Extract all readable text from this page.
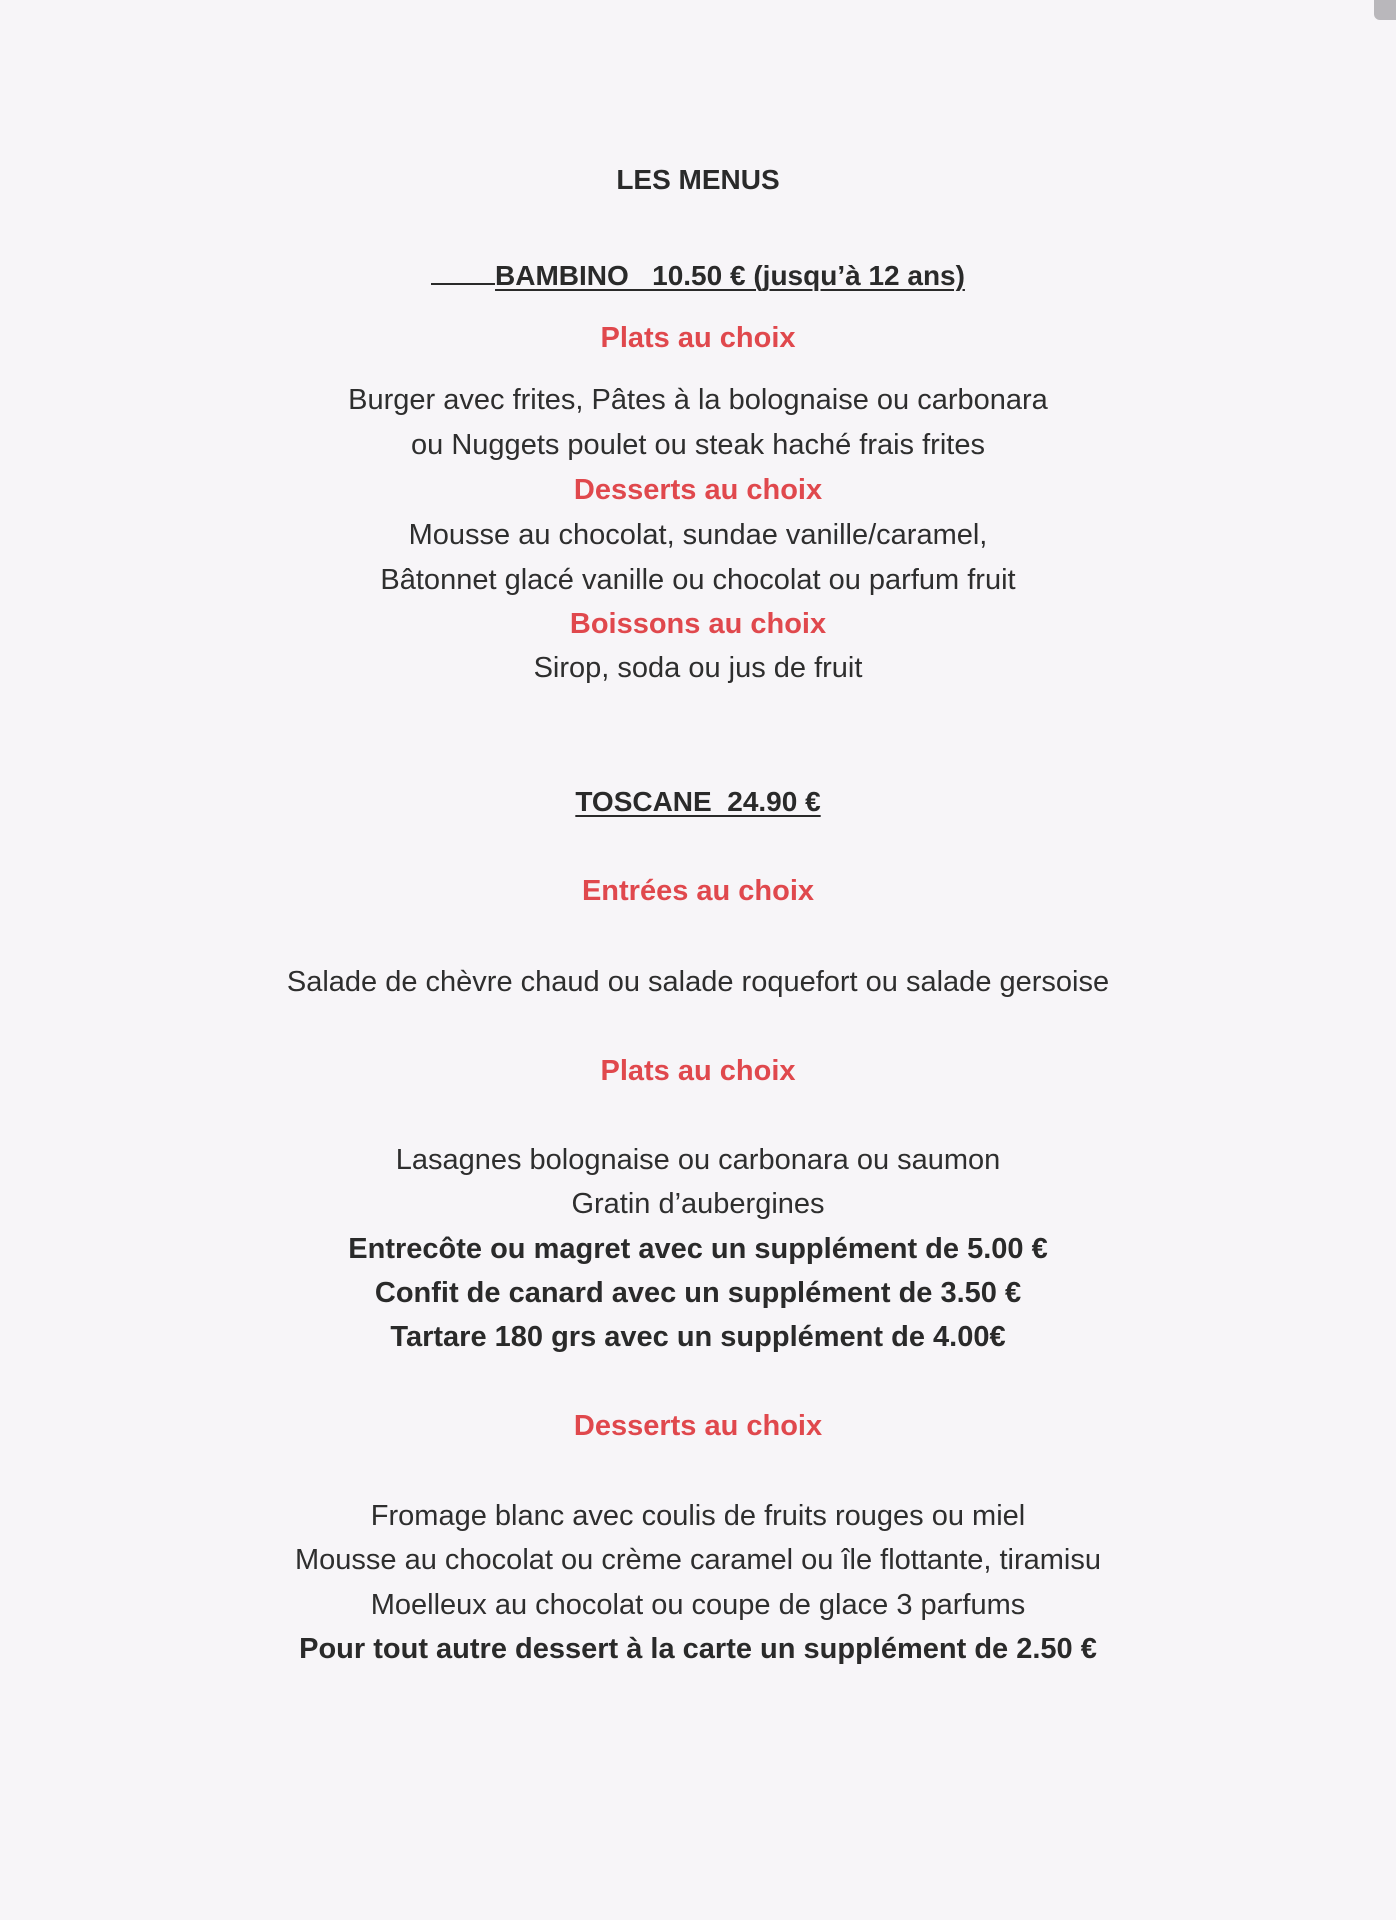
LES MENUS
BAMBINO   10.50 € (jusqu’à 12 ans)
Plats au choix
Burger avec frites, Pâtes à la bolognaise ou carbonara
ou Nuggets poulet ou steak haché frais frites
Desserts au choix
Mousse au chocolat, sundae vanille/caramel,
Bâtonnet glacé vanille ou chocolat ou parfum fruit
Boissons au choix
Sirop, soda ou jus de fruit
TOSCANE  24.90 €
Entrées au choix
Salade de chèvre chaud ou salade roquefort ou salade gersoise
Plats au choix
Lasagnes bolognaise ou carbonara ou saumon
Gratin d’aubergines
Entrecôte ou magret avec un supplément de 5.00 €
Confit de canard avec un supplément de 3.50 €
Tartare 180 grs avec un supplément de 4.00€
Desserts au choix
Fromage blanc avec coulis de fruits rouges ou miel
Mousse au chocolat ou crème caramel ou île flottante, tiramisu
Moelleux au chocolat ou coupe de glace 3 parfums
Pour tout autre dessert à la carte un supplément de 2.50 €
